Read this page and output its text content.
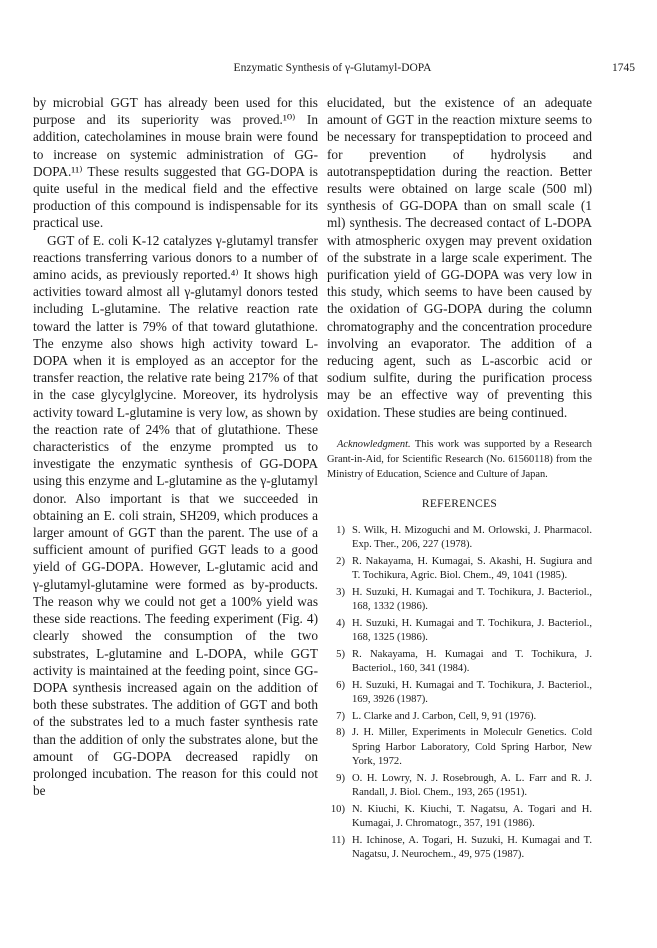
Enzymatic Synthesis of γ-Glutamyl-DOPA	1745

by microbial GGT has already been used for this purpose and its superiority was proved.¹⁰⁾ In addition, catecholamines in mouse brain were found to increase on systemic administration of GG-DOPA.¹¹⁾ These results suggested that GG-DOPA is quite useful in the medical field and the effective production of this compound is indispensable for its practical use.

GGT of E. coli K-12 catalyzes γ-glutamyl transfer reactions transferring various donors to a number of amino acids, as previously reported.⁴⁾ It shows high activities toward almost all γ-glutamyl donors tested including L-glutamine. The relative reaction rate toward the latter is 79% of that toward glutathione. The enzyme also shows high activity toward L-DOPA when it is employed as an acceptor for the transfer reaction, the relative rate being 217% of that in the case glycylglycine. Moreover, its hydrolysis activity toward L-glutamine is very low, as shown by the reaction rate of 24% that of glutathione. These characteristics of the enzyme prompted us to investigate the enzymatic synthesis of GG-DOPA using this enzyme and L-glutamine as the γ-glutamyl donor. Also important is that we succeeded in obtaining an E. coli strain, SH209, which produces a larger amount of GGT than the parent. The use of a sufficient amount of purified GGT leads to a good yield of GG-DOPA. However, L-glutamic acid and γ-glutamyl-glutamine were formed as by-products. The reason why we could not get a 100% yield was these side reactions. The feeding experiment (Fig. 4) clearly showed the consumption of the two substrates, L-glutamine and L-DOPA, while GGT activity is maintained at the feeding point, since GG-DOPA synthesis increased again on the addition of both these substrates. The addition of GGT and both of the substrates led to a much faster synthesis rate than the addition of only the substrates alone, but the amount of GG-DOPA decreased rapidly on prolonged incubation. The reason for this could not be

elucidated, but the existence of an adequate amount of GGT in the reaction mixture seems to be necessary for transpeptidation to proceed and for prevention of hydrolysis and autotranspeptidation during the reaction. Better results were obtained on large scale (500 ml) synthesis of GG-DOPA than on small scale (1 ml) synthesis. The decreased contact of L-DOPA with atmospheric oxygen may prevent oxidation of the substrate in a large scale experiment. The purification yield of GG-DOPA was very low in this study, which seems to have been caused by the oxidation of GG-DOPA during the column chromatography and the concentration procedure involving an evaporator. The addition of a reducing agent, such as L-ascorbic acid or sodium sulfite, during the purification process may be an effective way of preventing this oxidation. These studies are being continued.

Acknowledgment. This work was supported by a Research Grant-in-Aid, for Scientific Research (No. 61560118) from the Ministry of Education, Science and Culture of Japan.

REFERENCES
1) S. Wilk, H. Mizoguchi and M. Orlowski, J. Pharmacol. Exp. Ther., 206, 227 (1978).
2) R. Nakayama, H. Kumagai, S. Akashi, H. Sugiura and T. Tochikura, Agric. Biol. Chem., 49, 1041 (1985).
3) H. Suzuki, H. Kumagai and T. Tochikura, J. Bacteriol., 168, 1332 (1986).
4) H. Suzuki, H. Kumagai and T. Tochikura, J. Bacteriol., 168, 1325 (1986).
5) R. Nakayama, H. Kumagai and T. Tochikura, J. Bacteriol., 160, 341 (1984).
6) H. Suzuki, H. Kumagai and T. Tochikura, J. Bacteriol., 169, 3926 (1987).
7) L. Clarke and J. Carbon, Cell, 9, 91 (1976).
8) J. H. Miller, Experiments in Moleculr Genetics. Cold Spring Harbor Laboratory, Cold Spring Harbor, New York, 1972.
9) O. H. Lowry, N. J. Rosebrough, A. L. Farr and R. J. Randall, J. Biol. Chem., 193, 265 (1951).
10) N. Kiuchi, K. Kiuchi, T. Nagatsu, A. Togari and H. Kumagai, J. Chromatogr., 357, 191 (1986).
11) H. Ichinose, A. Togari, H. Suzuki, H. Kumagai and T. Nagatsu, J. Neurochem., 49, 975 (1987).
